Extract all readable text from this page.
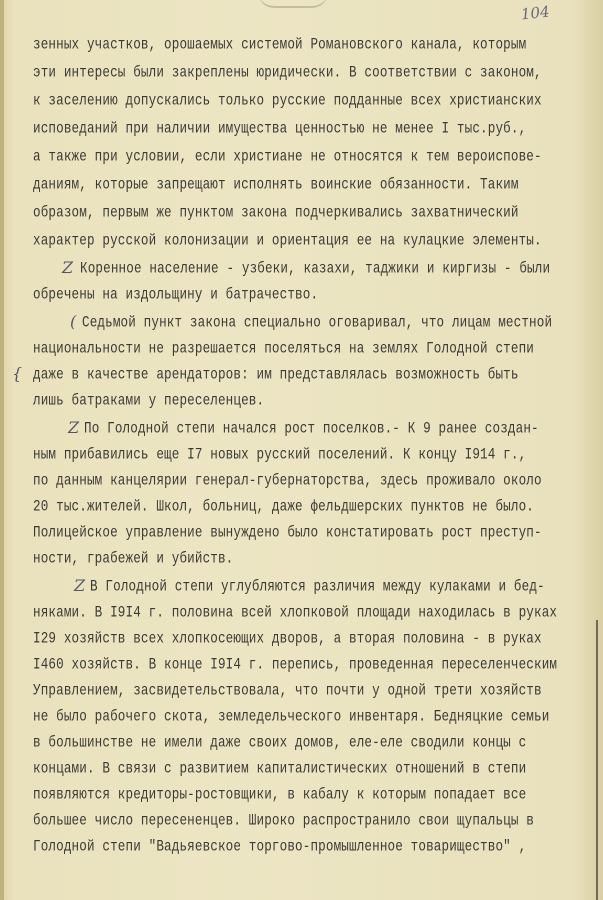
104
зенных участков, орошаемых системой Романовского канала, которым
эти интересы были закреплены юридически. В соответствии с законом,
к заселению допускались только русские подданные всех христианских
исповеданий при наличии имущества ценностью не менее I тыс.руб.,
а также при условии, если христиане не относятся к тем вероиспове-
даниям, которые запрещают исполнять воинские обязанности. Таким
образом, первым же пунктом закона подчеркивались захватнический
характер русской колонизации и ориентация ее на кулацкие элементы.
Z Коренное население - узбеки, казахи, таджики и киргизы - были
обречены на издольщину и батрачество.
( Седьмой пункт закона специально оговаривал, что лицам местной
национальности не разрешается поселяться на землях Голодной степи
{ даже в качестве арендаторов: им представлялась возможность быть
лишь батраками у переселенцев.
Z По Голодной степи начался рост поселков.- К 9 ранее создан-
ным прибавились еще I7 новых русский поселений. К концу I914 г.,
по данным канцелярии генерал-губернаторства, здесь проживало около
20 тыс.жителей. Школ, больниц, даже фельдшерских пунктов не было.
Полицейское управление вынуждено было констатировать рост преступ-
ности, грабежей и убийств.
Z В Голодной степи углубляются различия между кулаками и бед-
няками. В I9I4 г. половина всей хлопковой площади находилась в руках
I29 хозяйств всех хлопкосеющих дворов, а вторая половина - в руках
I460 хозяйств. В конце I9I4 г. перепись, проведенная переселенческим
Управлением, засвидетельствовала, что почти у одной трети хозяйств
не было рабочего скота, земледельческого инвентаря. Бедняцкие семьи
в большинстве не имели даже своих домов, еле-еле сводили концы с
концами. В связи с развитием капиталистических отношений в степи
появляются кредиторы-ростовщики, в кабалу к которым попадает все
большее число пересененцев. Широко распространило свои щупальцы в
Голодной степи "Вадьяевское торгово-промышленное товарищество" ,
